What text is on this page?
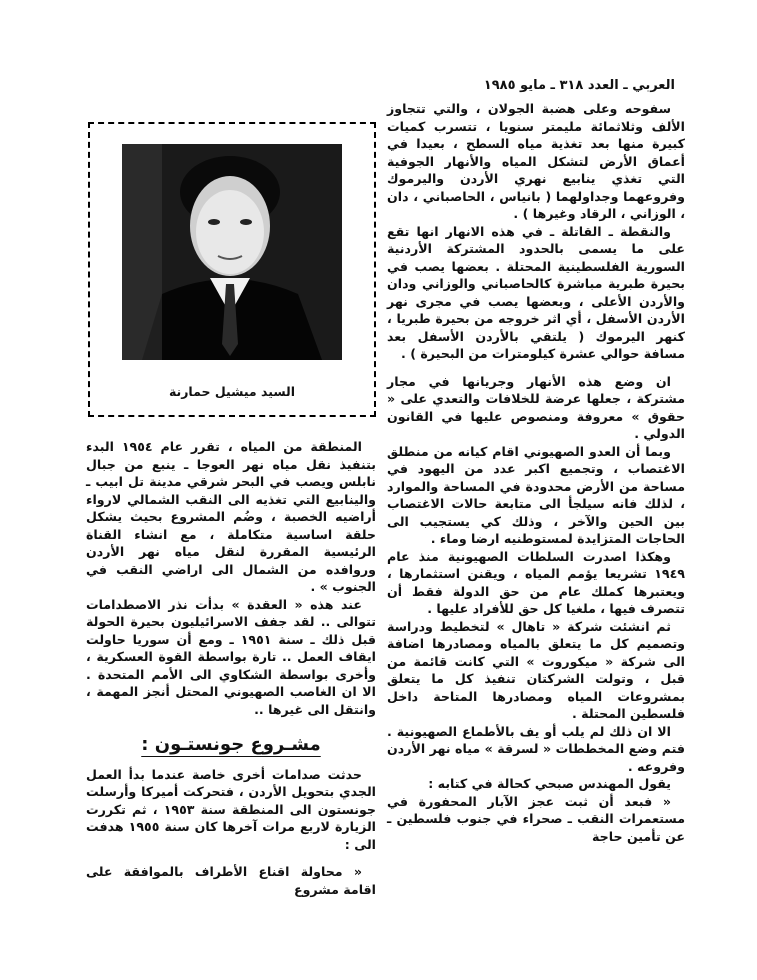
العربي ـ العدد ٣١٨ ـ مايو ١٩٨٥

سفوحه وعلى هضبة الجولان ، والتي تتجاوز الألف وثلاثمائة مليمتر سنويا ، تتسرب كميات كبيرة منها بعد تغذية مياه السطح ، بعيدا في أعماق الأرض لتشكل المياه والأنهار الجوفية التي تغذي ينابيع نهري الأردن واليرموك وفروعهما وجداولهما ( بانياس ، الحاصباني ، دان ، الوزاني ، الرقاد وغيرها ) .

والنقطة ـ القاتلة ـ في هذه الانهار انها تقع على ما يسمى بالحدود المشتركة الأردنية السورية الفلسطينية المحتلة . بعضها يصب في بحيرة طبرية مباشرة كالحاصباني والوزاني ودان والأردن الأعلى ، وبعضها يصب في مجرى نهر الأردن الأسفل ، أي اثر خروجه من بحيرة طبريا ، كنهر اليرموك ( يلتقي بالأردن الأسفل بعد مسافة حوالي عشرة كيلومترات من البحيرة ) .

ان وضع هذه الأنهار وجريانها في مجار مشتركة ، جعلها عرضة للخلافات والتعدي على « حقوق » معروفة ومنصوص عليها في القانون الدولي .

وبما أن العدو الصهيوني اقام كيانه من منطلق الاغتصاب ، وتجميع اكبر عدد من اليهود في مساحة من الأرض محدودة في المساحة والموارد ، لذلك فانه سيلجأ الى متابعة حالات الاغتصاب بين الحين والآخر ، وذلك كي يستجيب الى الحاجات المتزايدة لمستوطنيه ارضا وماء .

وهكذا اصدرت السلطات الصهيونية منذ عام ١٩٤٩ تشريعا يؤمم المياه ، ويقنن استثمارها ، ويعتبرها كملك عام من حق الدولة فقط أن تتصرف فيها ، ملغيا كل حق للأفراد عليها .

ثم انشئت شركة « تاهال » لتخطيط ودراسة وتصميم كل ما يتعلق بالمياه ومصادرها اضافة الى شركة « ميكوروت » التي كانت قائمة من قبل ، وتولت الشركتان تنفيذ كل ما يتعلق بمشروعات المياه ومصادرها المتاحة داخل فلسطين المحتلة .

الا ان ذلك لم يلب أو يف بالأطماع الصهيونية . فتم وضع المخططات « لسرقة » مياه نهر الأردن وفروعه .

يقول المهندس صبحي كحالة في كتابه :

« فبعد أن ثبت عجز الآبار المحفورة في مستعمرات النقب ـ صحراء في جنوب فلسطين ـ عن تأمين حاجة

السيد ميشيل حمارنة

المنطقة من المياه ، تقرر عام ١٩٥٤ البدء بتنفيذ نقل مياه نهر العوجا ـ ينبع من جبال نابلس ويصب في البحر شرقي مدينة تل ابيب ـ والينابيع التي تغذيه الى النقب الشمالي لارواء أراضيه الخصبة ، وضُم المشروع بحيث يشكل حلقة اساسية متكاملة ، مع انشاء القناة الرئيسية المقررة لنقل مياه نهر الأردن وروافده من الشمال الى اراضي النقب في الجنوب » .

عند هذه « العقدة » بدأت نذر الاصطدامات تتوالى .. لقد جفف الاسرائيليون بحيرة الحولة قبل ذلك ـ سنة ١٩٥١ ـ ومع أن سوريا حاولت ايقاف العمل .. تارة بواسطة القوة العسكرية ، وأخرى بواسطة الشكاوي الى الأمم المتحدة . الا ان الغاصب الصهيوني المحتل أنجز المهمة ، وانتقل الى غيرها ..

مشـروع جونستـون :

حدثت صدامات أخرى خاصة عندما بدأ العمل الجدي بتحويل الأردن ، فتحركت أميركا وأرسلت جونستون الى المنطقة سنة ١٩٥٣ ، ثم تكررت الزيارة لاربع مرات آخرها كان سنة ١٩٥٥ هدفت الى :

« محاولة اقناع الأطراف بالموافقة على اقامة مشروع
